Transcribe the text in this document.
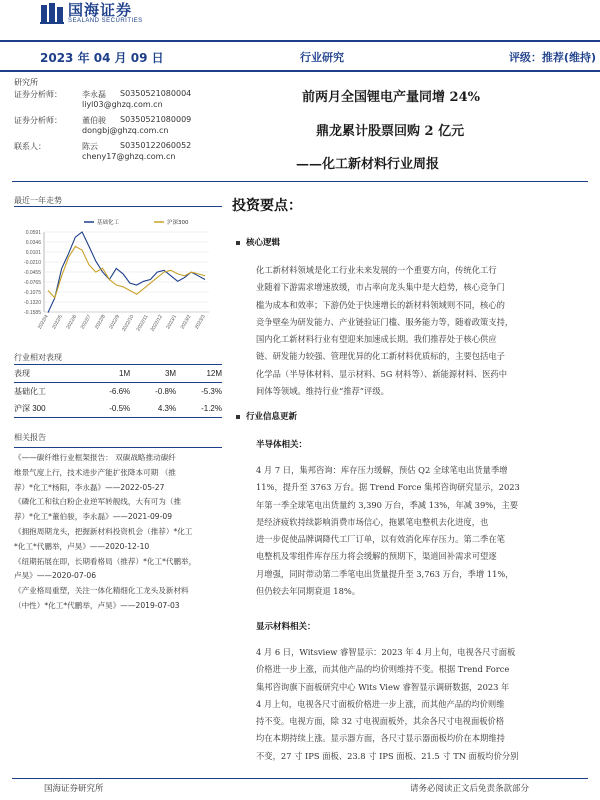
国海证券
SEALAND SECURITIES
2023 年 04 月 09 日	行业研究	评级：推荐(维持)
研究所
证券分析师：	李永磊 S0350521080004
liyl03@ghzq.com.cn
证券分析师：	董伯骏 S0350521080009
dongbj@ghzq.com.cn
联系人：	陈云	S0350122060052
cheny17@ghzq.com.cn
前两月全国锂电产量同增 24%
鼎龙累计股票回购 2 亿元
——化工新材料行业周报
最近一年走势
0.0591
0.0346
0.0101
-0.0210
-0.0455
-0.0765
-0.1075
-0.1320
-0.1585
2022/4 2022/5 2022/6 2022/7 2022/8 2022/9 2022/10 2022/11 2022/12 2023/1 2023/2 2023/3
基础化工	沪深300
行业相对表现
表现	1M	3M	12M
基础化工	-6.6%	-0.8%	-5.3%
沪深 300	-0.5%	4.3%	-1.2%
相关报告
《——碳纤维行业框架报告： 双碳战略推动碳纤
维景气度上行，技术进步产能扩张降本可期 （推
荐）*化工*杨阳，李永磊》——2022-05-27
《磷化工和钛白粉企业逆军转舰线，大有可为（推
荐）*化工*董伯骏，李永磊》——2021-09-09
《拥抱周期龙头，把握新材料投资机会（推荐）*化工
*化工*代鹏举，卢昊》——2020-12-10
《纽期拓展在即，长期看格局（推荐）*化工*代鹏举，
卢昊》——2020-07-06
《产业格局重塑，关注一体化精细化工龙头及新材料
（中性）*化工*代鹏举，卢昊》——2019-07-03
投资要点：
核心逻辑
化工新材料领域是化工行业未来发展的一个重要方向，传统化工行
业随着下游需求增速放缓，市占率向龙头集中是大趋势，核心竞争门
槛为成本和效率；下游仍处于快速增长的新材料领域则不同，核心的
竞争壁垒为研发能力、产业链验证门槛、服务能力等，随着政策支持，
国内化工新材料行业有望迎来加速成长期。我们推荐处于核心供应
链、研发能力较强、管理优异的化工新材料优质标的，主要包括电子
化学品（半导体材料、显示材料、5G 材料等）、新能源材料、医药中
间体等领域。维持行业“推荐”评级。
行业信息更新
半导体相关：
4 月 7 日，集邦咨询：库存压力缓解，预估 Q2 全球笔电出货量季增
11%，提升至 3763 万台。据 Trend Force 集邦咨询研究显示，2023
年第一季全球笔电出货量约 3,390 万台，季减 13%，年减 39%，主要
是经济疲软持续影响消费市场信心，拖累笔电整机去化进度，也
进一步促使品牌调降代工厂订单，以有效消化库存压力。第二季在笔
电整机及零组件库存压力将会缓解的预期下，渠道回补需求可望逐
月增强，同时带动第二季笔电出货量提升至 3,763 万台，季增 11%，
但仍较去年同期衰退 18%。
显示材料相关：
4 月 6 日，Witsview 睿智显示：2023 年 4 月上旬，电视各尺寸面板
价格进一步上涨，而其他产品的均价则维持不变。根据 Trend Force
集邦咨询旗下面板研究中心 Wits View 睿智显示调研数据，2023 年
4 月上旬，电视各尺寸面板价格进一步上涨，而其他产品的均价则维
持不变。电视方面，除 32 寸电视面板外，其余各尺寸电视面板价格
均在本期持续上涨。显示器方面，各尺寸显示器面板均价在本期维持
不变，27 寸 IPS 面板、23.8 寸 IPS 面板、21.5 寸 TN 面板均价分别
国海证券研究所	请务必阅读正文后免责条款部分
